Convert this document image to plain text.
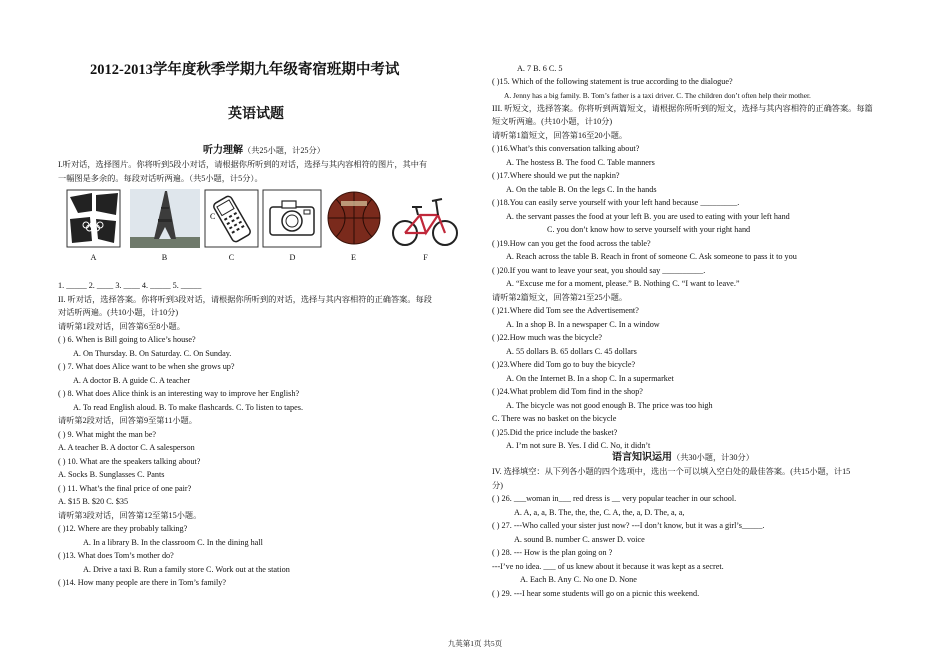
2012-2013学年度秋季学期九年级寄宿班期中考试
英语试题
听力理解（共25小题，计25分）
I.听对话，选择图片。你将听到5段小对话，请根据你所听到的对话，选择与其内容相符的图片，其中有
一幅图是多余的。每段对话听两遍。（共5小题，计5分）。
C
A	B	C	D	E	F
1. _____ 2. ____ 3. ____ 4. _____ 5. _____
II. 听对话，选择答案。你将听到3段对话，请根据你所听到的对话，选择与其内容相符的正确答案。每段
对话听两遍。(共10小题，计10分)
请听第1段对话，回答第6至8小题。
( ) 6. When is Bill going to Alice’s house?
A. On Thursday. B. On Saturday. C. On Sunday.
( ) 7. What does Alice want to be when she grows up?
A. A doctor B. A guide C. A teacher
( ) 8. What does Alice think is an interesting way to improve her English?
A. To read English aloud. B. To make flashcards. C. To listen to tapes.
请听第2段对话，回答第9至第11小题。
( ) 9. What might the man be?
A. A teacher B. A doctor C. A salesperson
( ) 10. What are the speakers talking about?
A. Socks B. Sunglasses C. Pants
( ) 11. What’s the final price of one pair?
A. $15 B. $20 C. $35
请听第3段对话，回答第12至第15小题。
( )12. Where are they probably talking?
A. In a library B. In the classroom C. In the dining hall
( )13. What does Tom’s mother do?
A. Drive a taxi B. Run a family store C. Work out at the station
( )14. How many people are there in Tom’s family?
A. 7 B. 6 C. 5
( )15. Which of the following statement is true according to the dialogue?
A. Jenny has a big family. B. Tom’s father is a taxi driver. C. The children don’t often help their mother.
III. 听短文，选择答案。你将听到两篇短文，请根据你所听到的短文，选择与其内容相符的正确答案。每篇
短文听两遍。(共10小题，计10分)
请听第1篇短文，回答第16至20小题。
( )16.What’s this conversation talking about?
A. The hostess B. The food C. Table manners
( )17.Where should we put the napkin?
A. On the table B. On the legs C. In the hands
( )18.You can easily serve yourself with your left hand because _________.
A. the servant passes the food at your left B. you are used to eating with your left hand
C. you don’t know how to serve yourself with your right hand
( )19.How can you get the food across the table?
A. Reach across the table B. Reach in front of someone C. Ask someone to pass it to you
( )20.If you want to leave your seat, you should say __________.
A. “Excuse me for a moment, please.” B. Nothing C. “I want to leave.”
请听第2篇短文，回答第21至25小题。
( )21.Where did Tom see the Advertisement?
A. In a shop B. In a newspaper C. In a window
( )22.How much was the bicycle?
A. 55 dollars B. 65 dollars C. 45 dollars
( )23.Where did Tom go to buy the bicycle?
A. On the Internet B. In a shop C. In a supermarket
( )24.What problem did Tom find in the shop?
A. The bicycle was not good enough B. The price was too high
C. There was no basket on the bicycle
( )25.Did the price include the basket?
A. I’m not sure B. Yes. I did C. No, it didn’t
语言知识运用（共30小题，计30分）
IV. 选择填空：从下列各小题的四个选项中，选出一个可以填入空白处的最佳答案。(共15小题，计15
分)
( ) 26. ___woman in___ red dress is __ very popular teacher in our school.
A. A, a, a, B. The, the, the, C. A, the, a, D. The, a, a,
( ) 27. ---Who called your sister just now? ---I don’t know, but it was a girl’s_____.
A. sound B. number C. answer D. voice
( ) 28. --- How is the plan going on ?
---I’ve no idea. ___ of us knew about it because it was kept as a secret.
A. Each B. Any C. No one D. None
( ) 29. ---I hear some students will go on a picnic this weekend.
九英第1页 共5页
